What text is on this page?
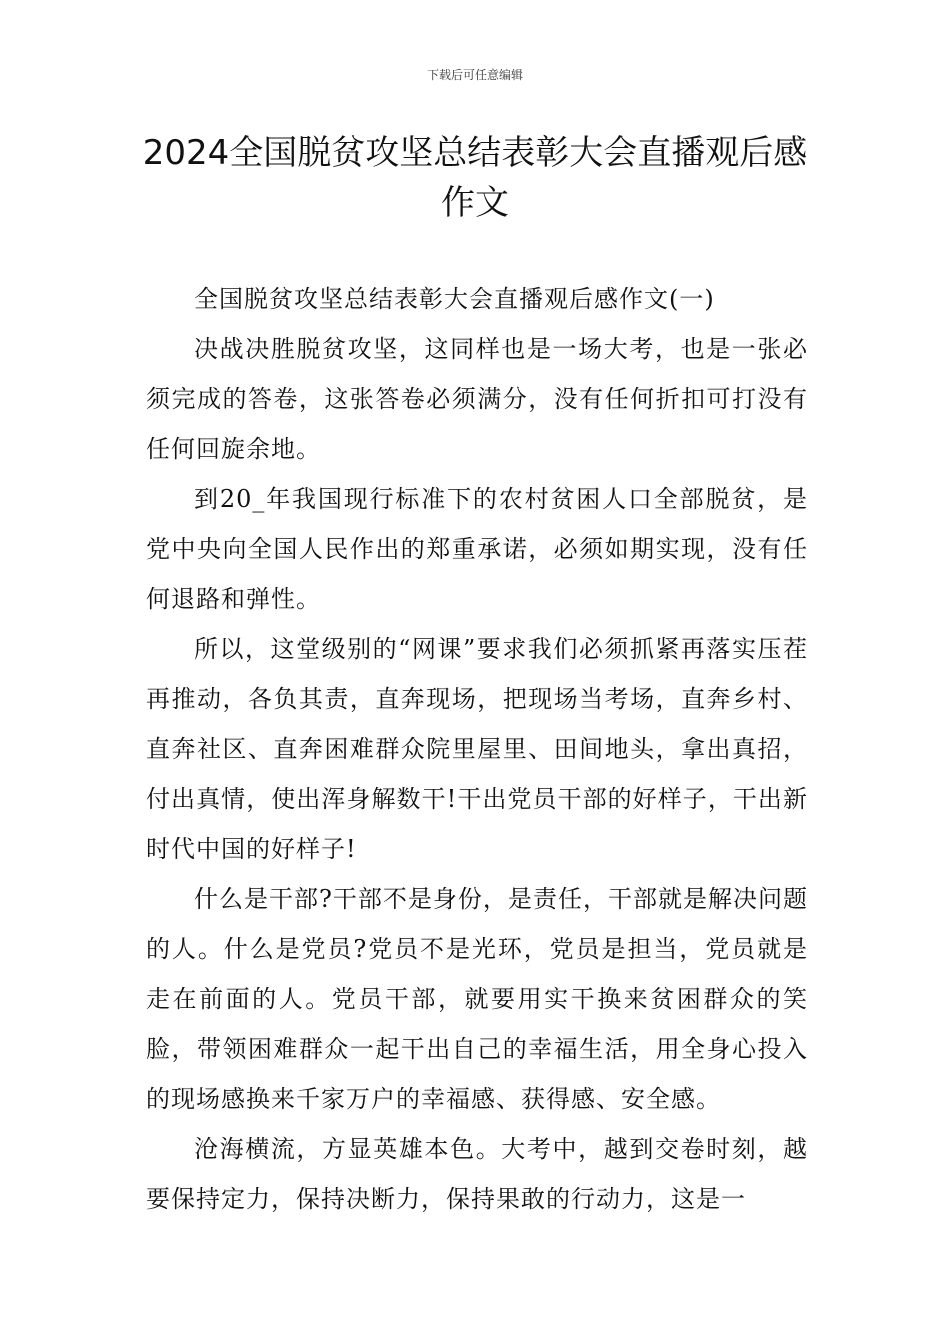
下载后可任意编辑
2024全国脱贫攻坚总结表彰大会直播观后感作文

全国脱贫攻坚总结表彰大会直播观后感作文(一)

决战决胜脱贫攻坚，这同样也是一场大考，也是一张必须完成的答卷，这张答卷必须满分，没有任何折扣可打没有任何回旋余地。

到20_年我国现行标准下的农村贫困人口全部脱贫，是党中央向全国人民作出的郑重承诺，必须如期实现，没有任何退路和弹性。

所以，这堂级别的“网课”要求我们必须抓紧再落实压茬再推动，各负其责，直奔现场，把现场当考场，直奔乡村、直奔社区、直奔困难群众院里屋里、田间地头，拿出真招，付出真情，使出浑身解数干!干出党员干部的好样子，干出新时代中国的好样子!

什么是干部?干部不是身份，是责任，干部就是解决问题的人。什么是党员?党员不是光环，党员是担当，党员就是走在前面的人。党员干部，就要用实干换来贫困群众的笑脸，带领困难群众一起干出自己的幸福生活，用全身心投入的现场感换来千家万户的幸福感、获得感、安全感。

沧海横流，方显英雄本色。大考中，越到交卷时刻，越要保持定力，保持决断力，保持果敢的行动力，这是一
